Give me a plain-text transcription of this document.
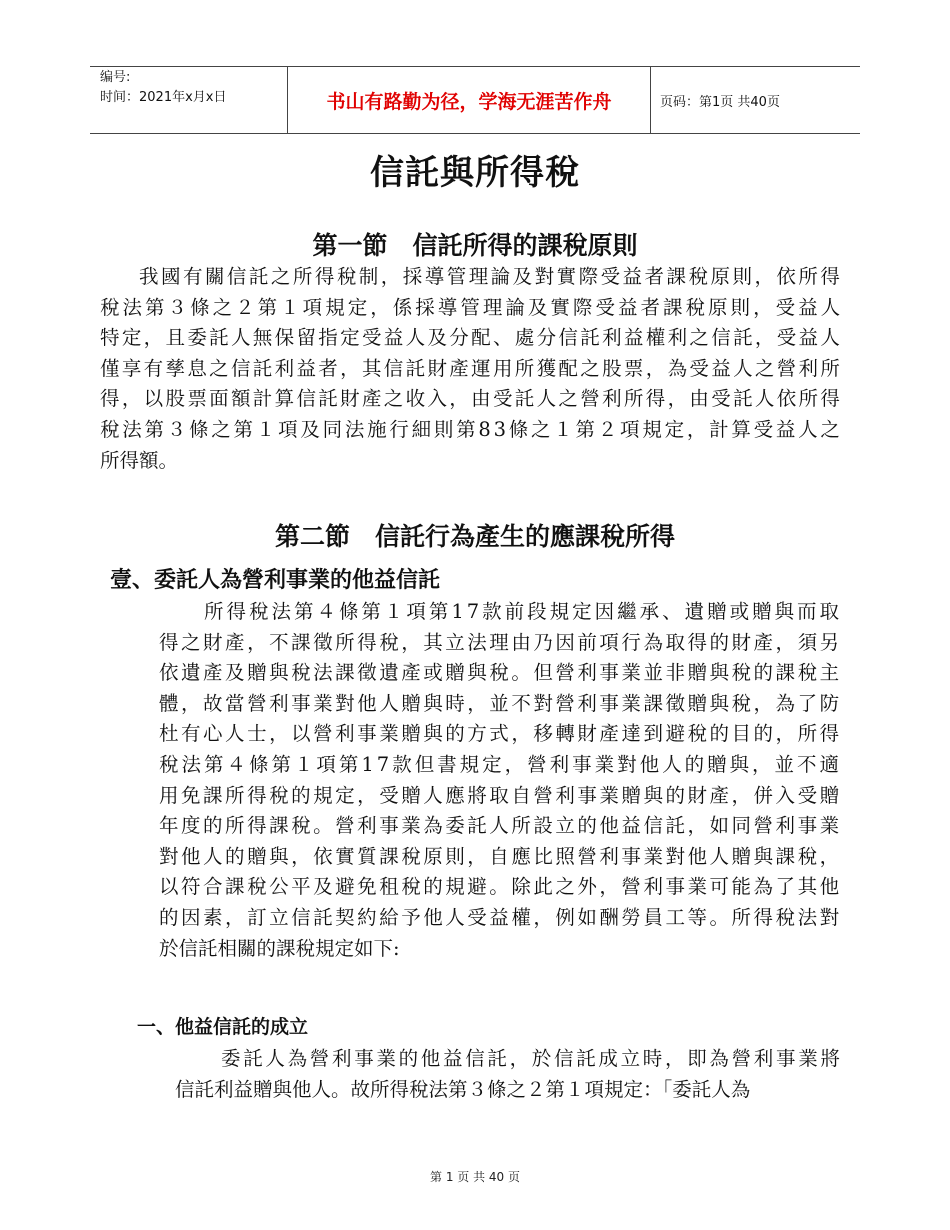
编号:
时间：2021年x月x日	书山有路勤为径，学海无涯苦作舟	页码：第1页 共40页
信託與所得稅
第一節　信託所得的課稅原則
我國有關信託之所得稅制，採導管理論及對實際受益者課稅原則，依所得
稅法第３條之２第１項規定，係採導管理論及實際受益者課稅原則，受益人
特定，且委託人無保留指定受益人及分配、處分信託利益權利之信託，受益人
僅享有孳息之信託利益者，其信託財產運用所獲配之股票，為受益人之營利所
得，以股票面額計算信託財產之收入，由受託人之營利所得，由受託人依所得
稅法第３條之第１項及同法施行細則第83條之１第２項規定，計算受益人之
所得額。
第二節　信託行為產生的應課稅所得
壹、委託人為營利事業的他益信託
所得稅法第４條第１項第17款前段規定因繼承、遺贈或贈與而取
得之財產，不課徵所得稅，其立法理由乃因前項行為取得的財產，須另
依遺產及贈與稅法課徵遺產或贈與稅。但營利事業並非贈與稅的課稅主
體，故當營利事業對他人贈與時，並不對營利事業課徵贈與稅，為了防
杜有心人士，以營利事業贈與的方式，移轉財產達到避稅的目的，所得
稅法第４條第１項第17款但書規定，營利事業對他人的贈與，並不適
用免課所得稅的規定，受贈人應將取自營利事業贈與的財產，併入受贈
年度的所得課稅。營利事業為委託人所設立的他益信託，如同營利事業
對他人的贈與，依實質課稅原則，自應比照營利事業對他人贈與課稅，
以符合課稅公平及避免租稅的規避。除此之外，營利事業可能為了其他
的因素，訂立信託契約給予他人受益權，例如酬勞員工等。所得稅法對
於信託相關的課稅規定如下:
一、他益信託的成立
委託人為營利事業的他益信託，於信託成立時，即為營利事業將
信託利益贈與他人。故所得稅法第３條之２第１項規定：「委託人為
第 1 页 共 40 页
